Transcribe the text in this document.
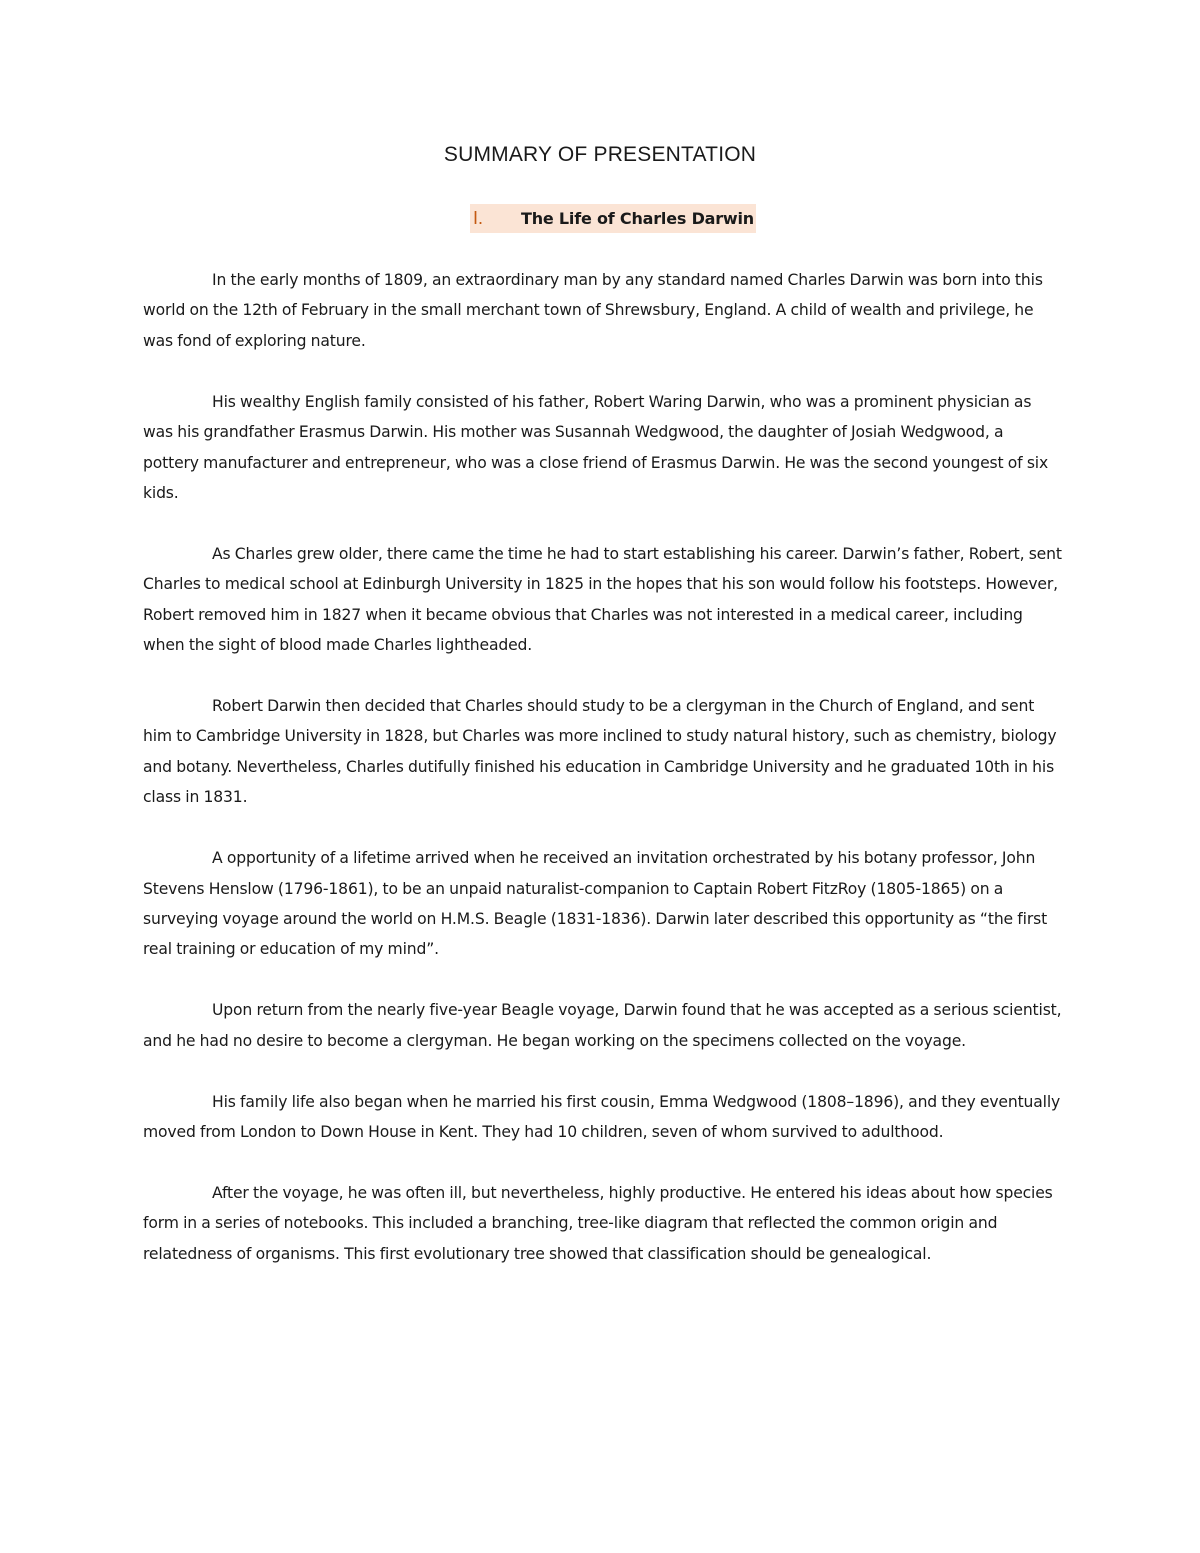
SUMMARY OF PRESENTATION
I.	The Life of Charles Darwin

In the early months of 1809, an extraordinary man by any standard named Charles Darwin was born into this world on the 12th of February in the small merchant town of Shrewsbury, England. A child of wealth and privilege, he was fond of exploring nature.

His wealthy English family consisted of his father, Robert Waring Darwin, who was a prominent physician as was his grandfather Erasmus Darwin. His mother was Susannah Wedgwood, the daughter of Josiah Wedgwood, a pottery manufacturer and entrepreneur, who was a close friend of Erasmus Darwin. He was the second youngest of six kids.

As Charles grew older, there came the time he had to start establishing his career. Darwin’s father, Robert, sent Charles to medical school at Edinburgh University in 1825 in the hopes that his son would follow his footsteps. However, Robert removed him in 1827 when it became obvious that Charles was not interested in a medical career, including when the sight of blood made Charles lightheaded.

Robert Darwin then decided that Charles should study to be a clergyman in the Church of England, and sent him to Cambridge University in 1828, but Charles was more inclined to study natural history, such as chemistry, biology and botany. Nevertheless, Charles dutifully finished his education in Cambridge University and he graduated 10th in his class in 1831.

A opportunity of a lifetime arrived when he received an invitation orchestrated by his botany professor, John Stevens Henslow (1796-1861), to be an unpaid naturalist-companion to Captain Robert FitzRoy (1805-1865) on a surveying voyage around the world on H.M.S. Beagle (1831-1836). Darwin later described this opportunity as “the first real training or education of my mind”.

Upon return from the nearly five-year Beagle voyage, Darwin found that he was accepted as a serious scientist, and he had no desire to become a clergyman. He began working on the specimens collected on the voyage.

His family life also began when he married his first cousin, Emma Wedgwood (1808–1896), and they eventually moved from London to Down House in Kent. They had 10 children, seven of whom survived to adulthood.

After the voyage, he was often ill, but nevertheless, highly productive. He entered his ideas about how species form in a series of notebooks. This included a branching, tree-like diagram that reflected the common origin and relatedness of organisms. This first evolutionary tree showed that classification should be genealogical.
